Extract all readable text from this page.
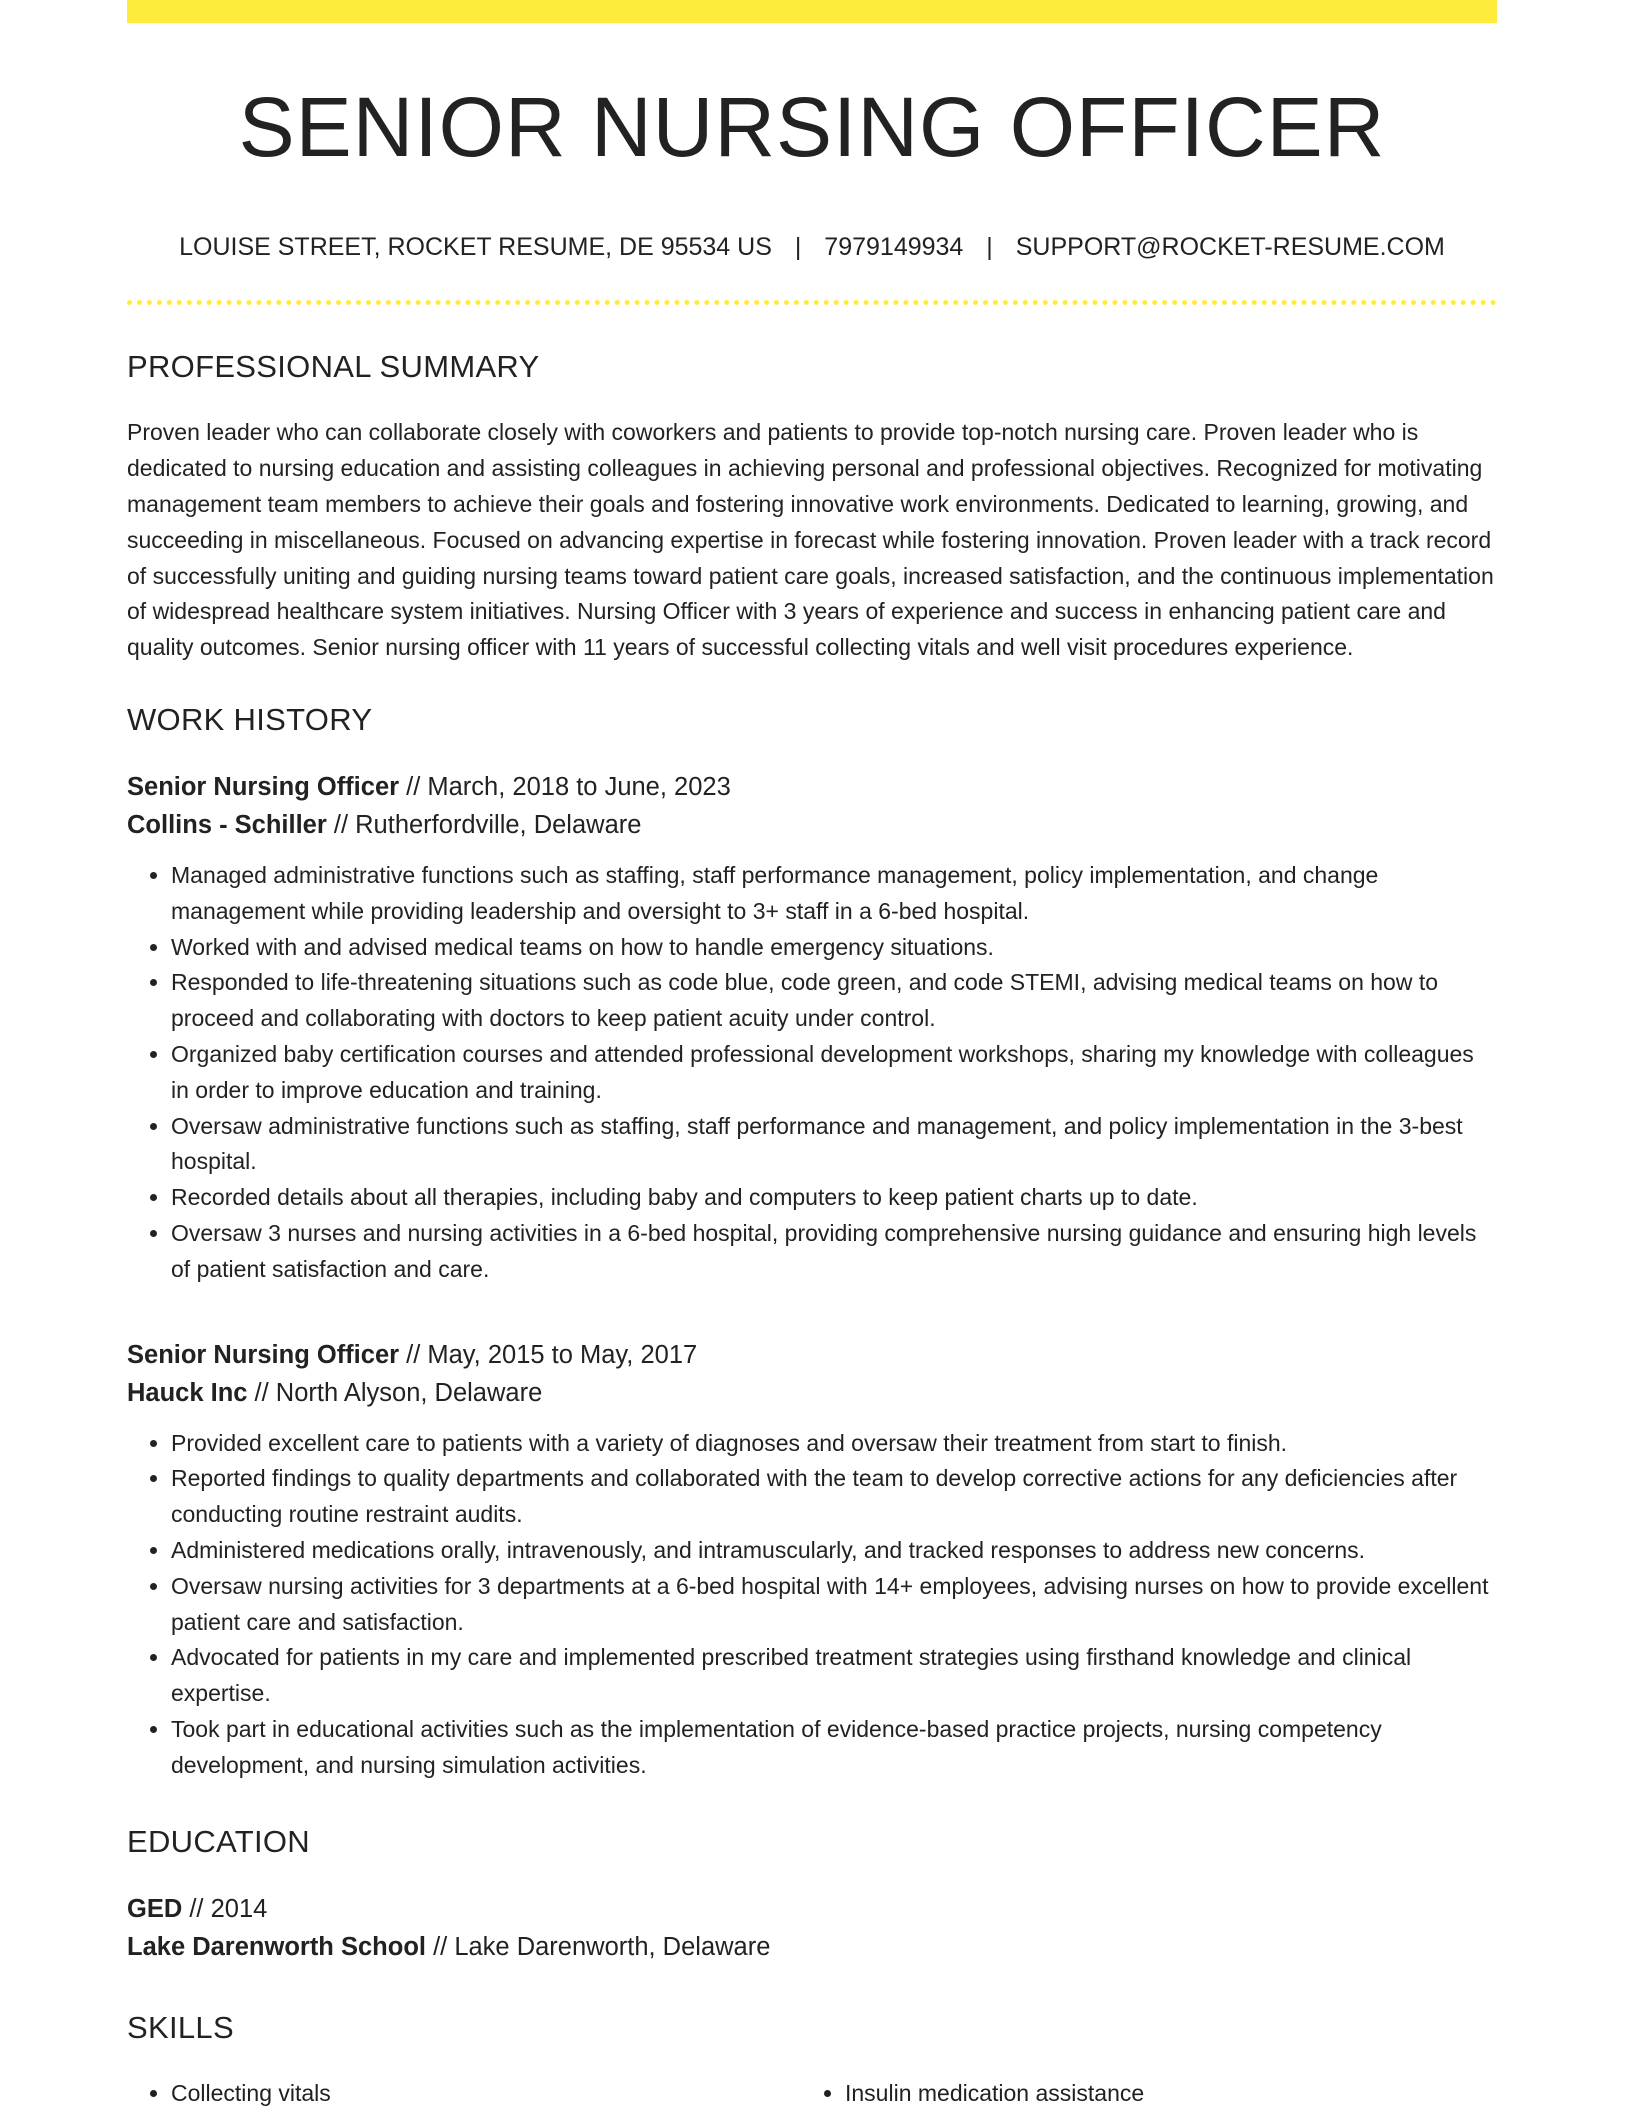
SENIOR NURSING OFFICER
LOUISE STREET, ROCKET RESUME, DE 95534 US | 7979149934 | SUPPORT@ROCKET-RESUME.COM
PROFESSIONAL SUMMARY

Proven leader who can collaborate closely with coworkers and patients to provide top-notch nursing care. Proven leader who is dedicated to nursing education and assisting colleagues in achieving personal and professional objectives. Recognized for motivating management team members to achieve their goals and fostering innovative work environments. Dedicated to learning, growing, and succeeding in miscellaneous. Focused on advancing expertise in forecast while fostering innovation. Proven leader with a track record of successfully uniting and guiding nursing teams toward patient care goals, increased satisfaction, and the continuous implementation of widespread healthcare system initiatives. Nursing Officer with 3 years of experience and success in enhancing patient care and quality outcomes. Senior nursing officer with 11 years of successful collecting vitals and well visit procedures experience.

WORK HISTORY
Senior Nursing Officer // March, 2018 to June, 2023
Collins - Schiller // Rutherfordville, Delaware
• Managed administrative functions such as staffing, staff performance management, policy implementation, and change management while providing leadership and oversight to 3+ staff in a 6-bed hospital.
• Worked with and advised medical teams on how to handle emergency situations.
• Responded to life-threatening situations such as code blue, code green, and code STEMI, advising medical teams on how to proceed and collaborating with doctors to keep patient acuity under control.
• Organized baby certification courses and attended professional development workshops, sharing my knowledge with colleagues in order to improve education and training.
• Oversaw administrative functions such as staffing, staff performance and management, and policy implementation in the 3-best hospital.
• Recorded details about all therapies, including baby and computers to keep patient charts up to date.
• Oversaw 3 nurses and nursing activities in a 6-bed hospital, providing comprehensive nursing guidance and ensuring high levels of patient satisfaction and care.
Senior Nursing Officer // May, 2015 to May, 2017
Hauck Inc // North Alyson, Delaware
• Provided excellent care to patients with a variety of diagnoses and oversaw their treatment from start to finish.
• Reported findings to quality departments and collaborated with the team to develop corrective actions for any deficiencies after conducting routine restraint audits.
• Administered medications orally, intravenously, and intramuscularly, and tracked responses to address new concerns.
• Oversaw nursing activities for 3 departments at a 6-bed hospital with 14+ employees, advising nurses on how to provide excellent patient care and satisfaction.
• Advocated for patients in my care and implemented prescribed treatment strategies using firsthand knowledge and clinical expertise.
• Took part in educational activities such as the implementation of evidence-based practice projects, nursing competency development, and nursing simulation activities.
EDUCATION
GED // 2014
Lake Darenworth School // Lake Darenworth, Delaware
SKILLS
• Collecting vitals
•	Insulin medication assistance
